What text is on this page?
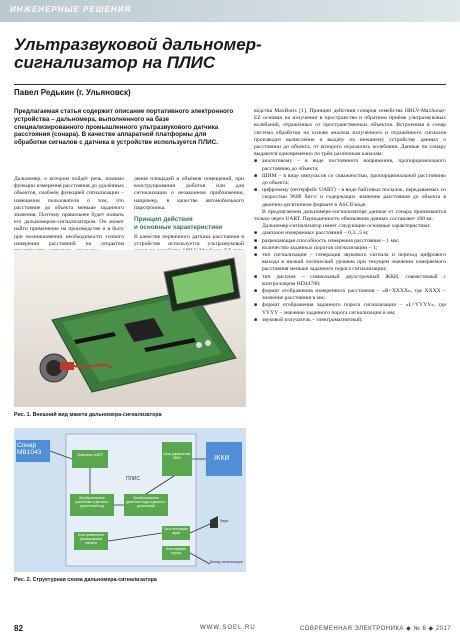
ИНЖЕНЕРНЫЕ РЕШЕНИЯ
Ультразвуковой дальномер-сигнализатор на ПЛИС
Павел Редькин (г. Ульяновск)
Предлагаемая статья содержит описание портативного электронного устройства – дальномера, выполненного на базе специализированного промышленного ультразвукового датчика расстояния (сонара). В качестве аппаратной платформы для обработки сигналов с датчика в устройстве используется ПЛИС.
Дальномер, о котором пойдёт речь, помимо функции измерения расстояния до удалённых объектов, снабжён функцией сигнализации – извещения пользователя о том, что расстояние до объекта меньше заданного значения. Поэтому правильнее будет назвать его дальномером-сигнализатором. Он может найти применение на производстве и в быту при возникновении необходимости точного измерения расстояний на открытом
ления площадей и объёмов помещений, при конструировании роботов или для сигнализации о незаконном приближении, например, в качестве автомобильного парктроника.
Принцип действия
и основные характеристики
В качестве первичного датчика расстояния в устройстве используется ультразвуковой
водства MaxBotix [1]. Принцип действия сонаров семейства HRLV-MaxSonar-EZ основан на излучении в пространство и обратном приёме ультразвуковых колебаний, отражённых от пространственных объектов. Встроенная в сонар система обработки на основе анализа излучённого и отражённого сигналов производит вычисление и выдачу по внешнему устройству данных о расстоянии до объекта, от которого отразились колебания. Данные по сонару выдаются одновременно по трём различным каналам:
■ аналоговому – в виде постоянного напряжения, пропорционального расстоянию до объекта;
■ ШИМ – в виде импульсов со скважностью, пропорциональной расстоянию до объекта;
■ цифровому (интерфейс UART) – в виде байтовых посылок, передаваемых со скоростью 9600 бит/с и содержащих значение расстояния до объекта в двоично-десятичном формате в ASCII-коде.
В предлагаемом дальномере-сигнализаторе данные от сонара принимаются только через UART. Периодичность обновления данных составляет 100 мс.
Дальномер-сигнализатор имеет следующие основные характеристики:
■ диапазон измеряемых расстояний – 0,3...5 м;
■ разрешающая способность измерения расстояния – 1 мм;
■ количество заданных порогов сигнализации – 1;
■ тип сигнализации – генерация звукового сигнала и переход цифрового выхода в низкий логический уровень при текущем значении измеряемого расстояния меньше заданного порога сигнализации;
■ тип дисплея – символьный двухстрочный ЖКИ, совместимый с контроллером HD44780;
■ формат отображения измеренного расстояния – «R=XXXX», где XXXX – значение расстояния в мм;
■ формат отображения заданного порога сигнализации – «L=YYYY», где YYYY – значение заданного порога сигнализации в мм;
■ звуковой излучатель – электромагнитный;
Рис. 1. Внешний вид макета дальномера-сигнализатора
Сонар MB1043	Приёмник UART
ПЛИС
Блок управления ЖКИ	ЖКИ
Преобразователь расстояния в двоично-десятичный код
Преобразователь двоичного кода в двоично-десятичный
Блок сравнения и формирования сигнала
Блок генерации звука
Блок задания порога
Звук
Выход сигнализации
Рис. 2. Структурная схема дальномера-сигнализатора
82	WWW.SOEL.RU	СОВРЕМЕННАЯ ЭЛЕКТРОНИКА ◆ № 6 ◆ 2017
